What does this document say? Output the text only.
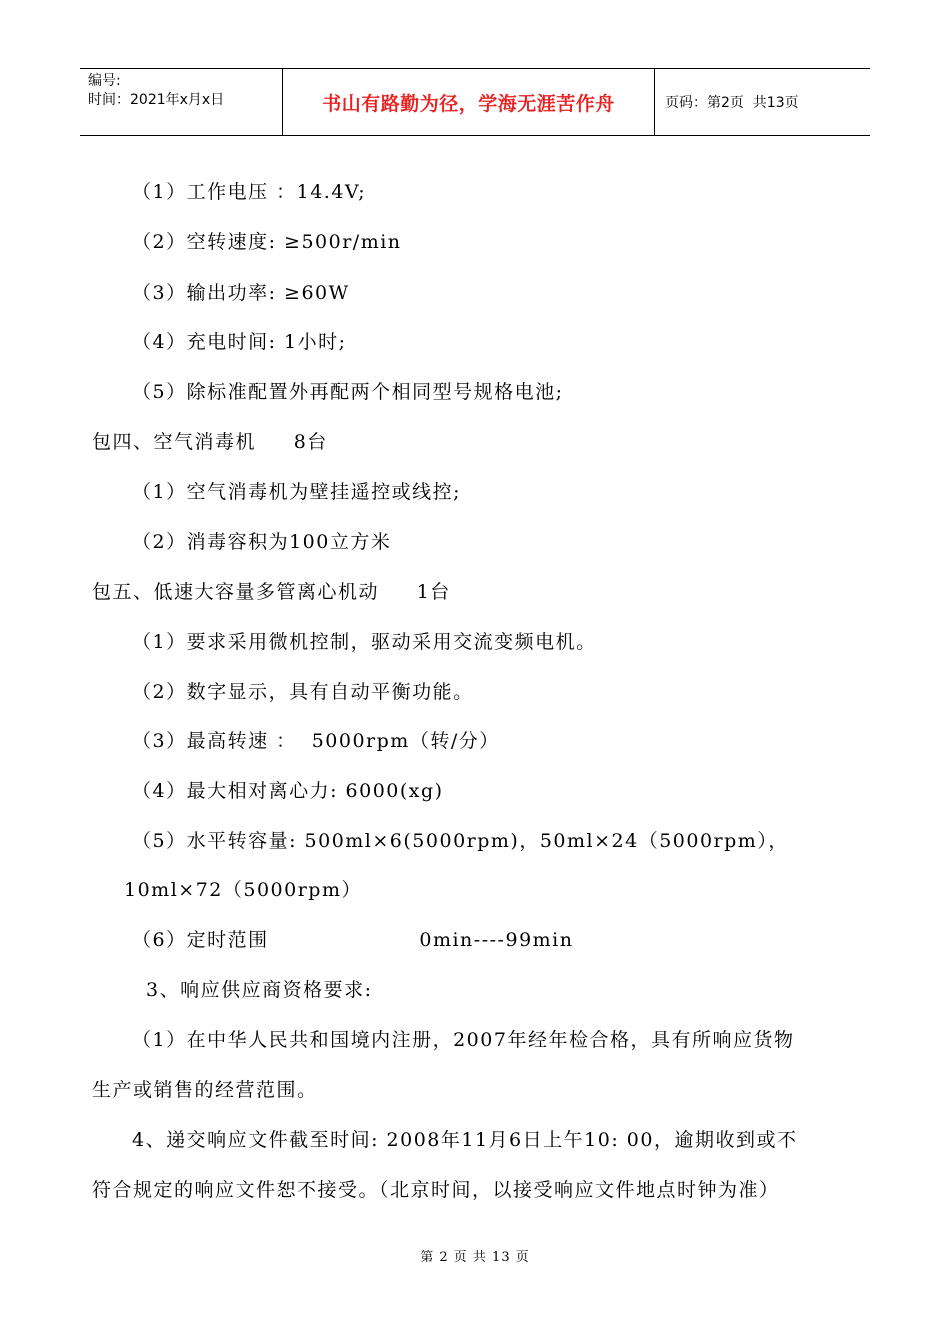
编号:
时间：2021年x月x日	书山有路勤为径，学海无涯苦作舟	页码：第2页  共13页
（1）工作电压 ：14.4V;
（2）空转速度: ≥500r/min
（3）输出功率: ≥60W
（4）充电时间: 1小时;
（5）除标准配置外再配两个相同型号规格电池;
包四、空气消毒机     8台
（1）空气消毒机为壁挂遥控或线控;
（2）消毒容积为100立方米
包五、低速大容量多管离心机动     1台
（1）要求采用微机控制，驱动采用交流变频电机。
（2）数字显示，具有自动平衡功能。
（3）最高转速 ：  5000rpm（转/分）
（4）最大相对离心力: 6000(xg)
（5）水平转容量: 500ml×6(5000rpm)，50ml×24（5000rpm），
10ml×72（5000rpm）
（6）定时范围                    0min----99min
3、响应供应商资格要求:
（1）在中华人民共和国境内注册，2007年经年检合格，具有所响应货物
生产或销售的经营范围。
4、递交响应文件截至时间: 2008年11月6日上午10: 00，逾期收到或不
符合规定的响应文件恕不接受。（北京时间，以接受响应文件地点时钟为准）
第 2 页 共 13 页
